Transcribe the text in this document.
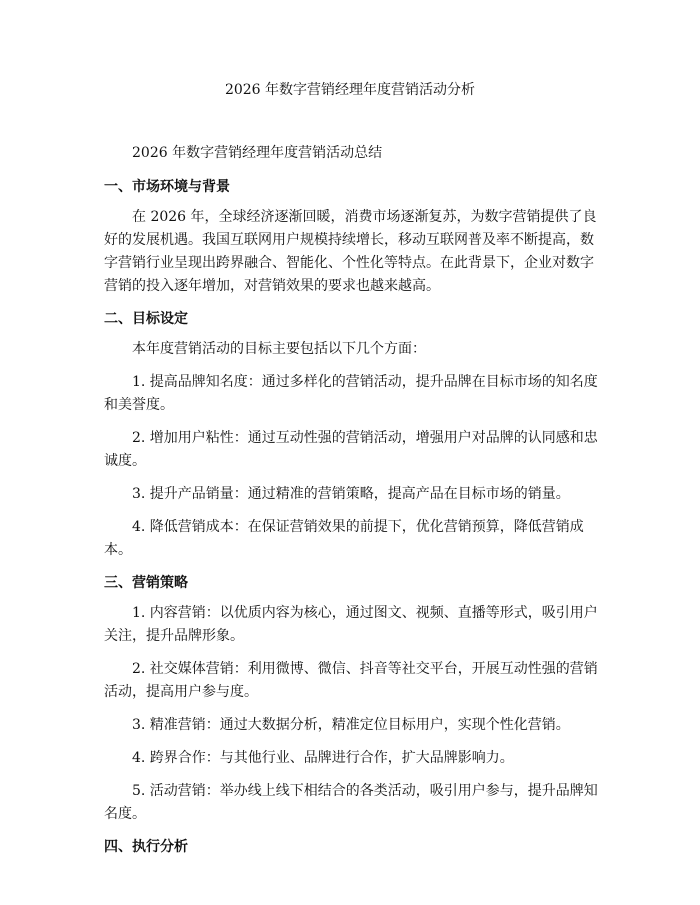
2026 年数字营销经理年度营销活动分析

2026 年数字营销经理年度营销活动总结

一、市场环境与背景

在 2026 年，全球经济逐渐回暖，消费市场逐渐复苏，为数字营销提供了良好的发展机遇。我国互联网用户规模持续增长，移动互联网普及率不断提高，数字营销行业呈现出跨界融合、智能化、个性化等特点。在此背景下，企业对数字营销的投入逐年增加，对营销效果的要求也越来越高。

二、目标设定

本年度营销活动的目标主要包括以下几个方面：

1. 提高品牌知名度：通过多样化的营销活动，提升品牌在目标市场的知名度和美誉度。

2. 增加用户粘性：通过互动性强的营销活动，增强用户对品牌的认同感和忠诚度。

3. 提升产品销量：通过精准的营销策略，提高产品在目标市场的销量。

4. 降低营销成本：在保证营销效果的前提下，优化营销预算，降低营销成本。

三、营销策略

1. 内容营销：以优质内容为核心，通过图文、视频、直播等形式，吸引用户关注，提升品牌形象。

2. 社交媒体营销：利用微博、微信、抖音等社交平台，开展互动性强的营销活动，提高用户参与度。

3. 精准营销：通过大数据分析，精准定位目标用户，实现个性化营销。

4. 跨界合作：与其他行业、品牌进行合作，扩大品牌影响力。

5. 活动营销：举办线上线下相结合的各类活动，吸引用户参与，提升品牌知名度。

四、执行分析
